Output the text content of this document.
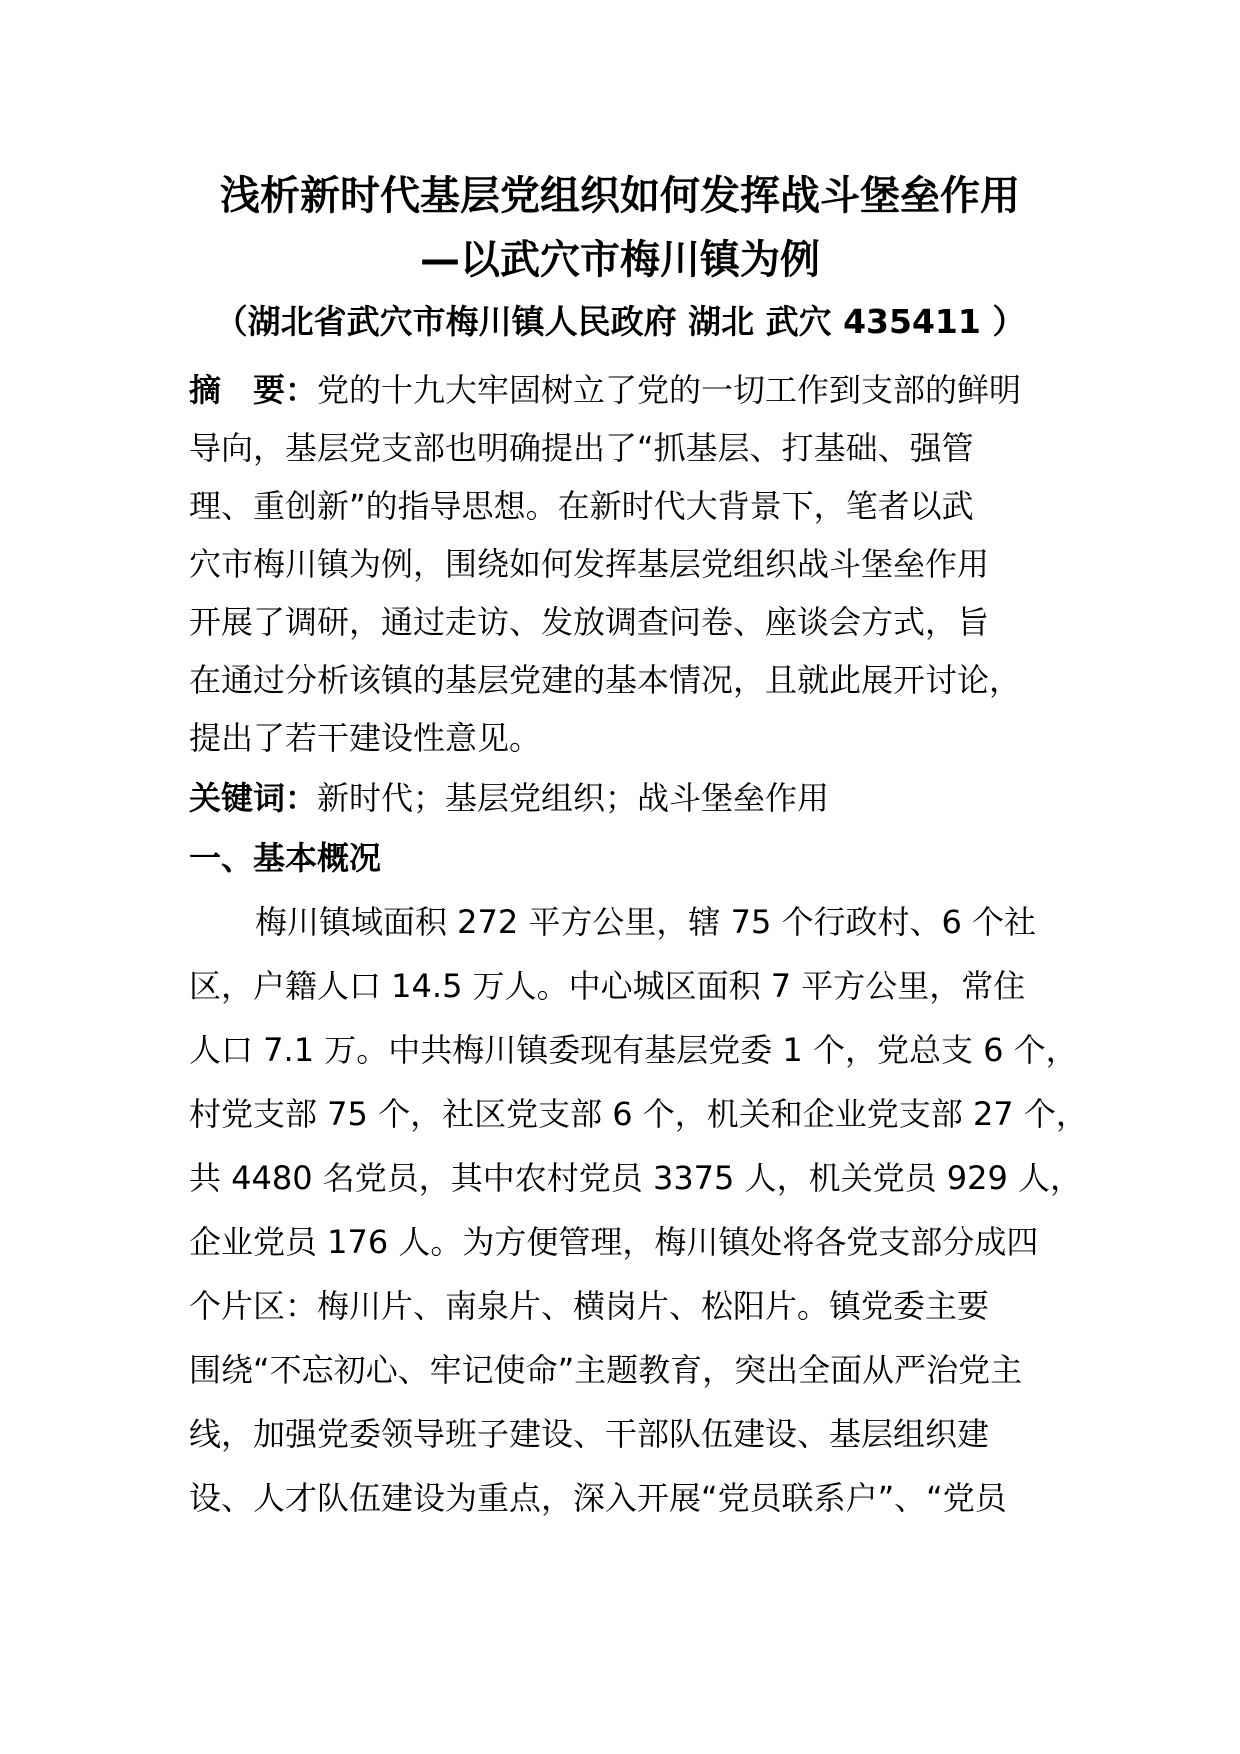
浅析新时代基层党组织如何发挥战斗堡垒作用
—以武穴市梅川镇为例
（湖北省武穴市梅川镇人民政府 湖北 武穴 435411 ）
摘　要：党的十九大牢固树立了党的一切工作到支部的鲜明
导向，基层党支部也明确提出了“抓基层、打基础、强管
理、重创新”的指导思想。在新时代大背景下，笔者以武
穴市梅川镇为例，围绕如何发挥基层党组织战斗堡垒作用
开展了调研，通过走访、发放调查问卷、座谈会方式，旨
在通过分析该镇的基层党建的基本情况，且就此展开讨论，
提出了若干建设性意见。
关键词：新时代；基层党组织；战斗堡垒作用
一、基本概况
梅川镇域面积 272 平方公里，辖 75 个行政村、6 个社
区，户籍人口 14.5 万人。中心城区面积 7 平方公里，常住
人口 7.1 万。中共梅川镇委现有基层党委 1 个，党总支 6 个，
村党支部 75 个，社区党支部 6 个，机关和企业党支部 27 个，
共 4480 名党员，其中农村党员 3375 人，机关党员 929 人，
企业党员 176 人。为方便管理，梅川镇处将各党支部分成四
个片区：梅川片、南泉片、横岗片、松阳片。镇党委主要
围绕“不忘初心、牢记使命”主题教育，突出全面从严治党主
线，加强党委领导班子建设、干部队伍建设、基层组织建
设、人才队伍建设为重点，深入开展“党员联系户”、“党员
